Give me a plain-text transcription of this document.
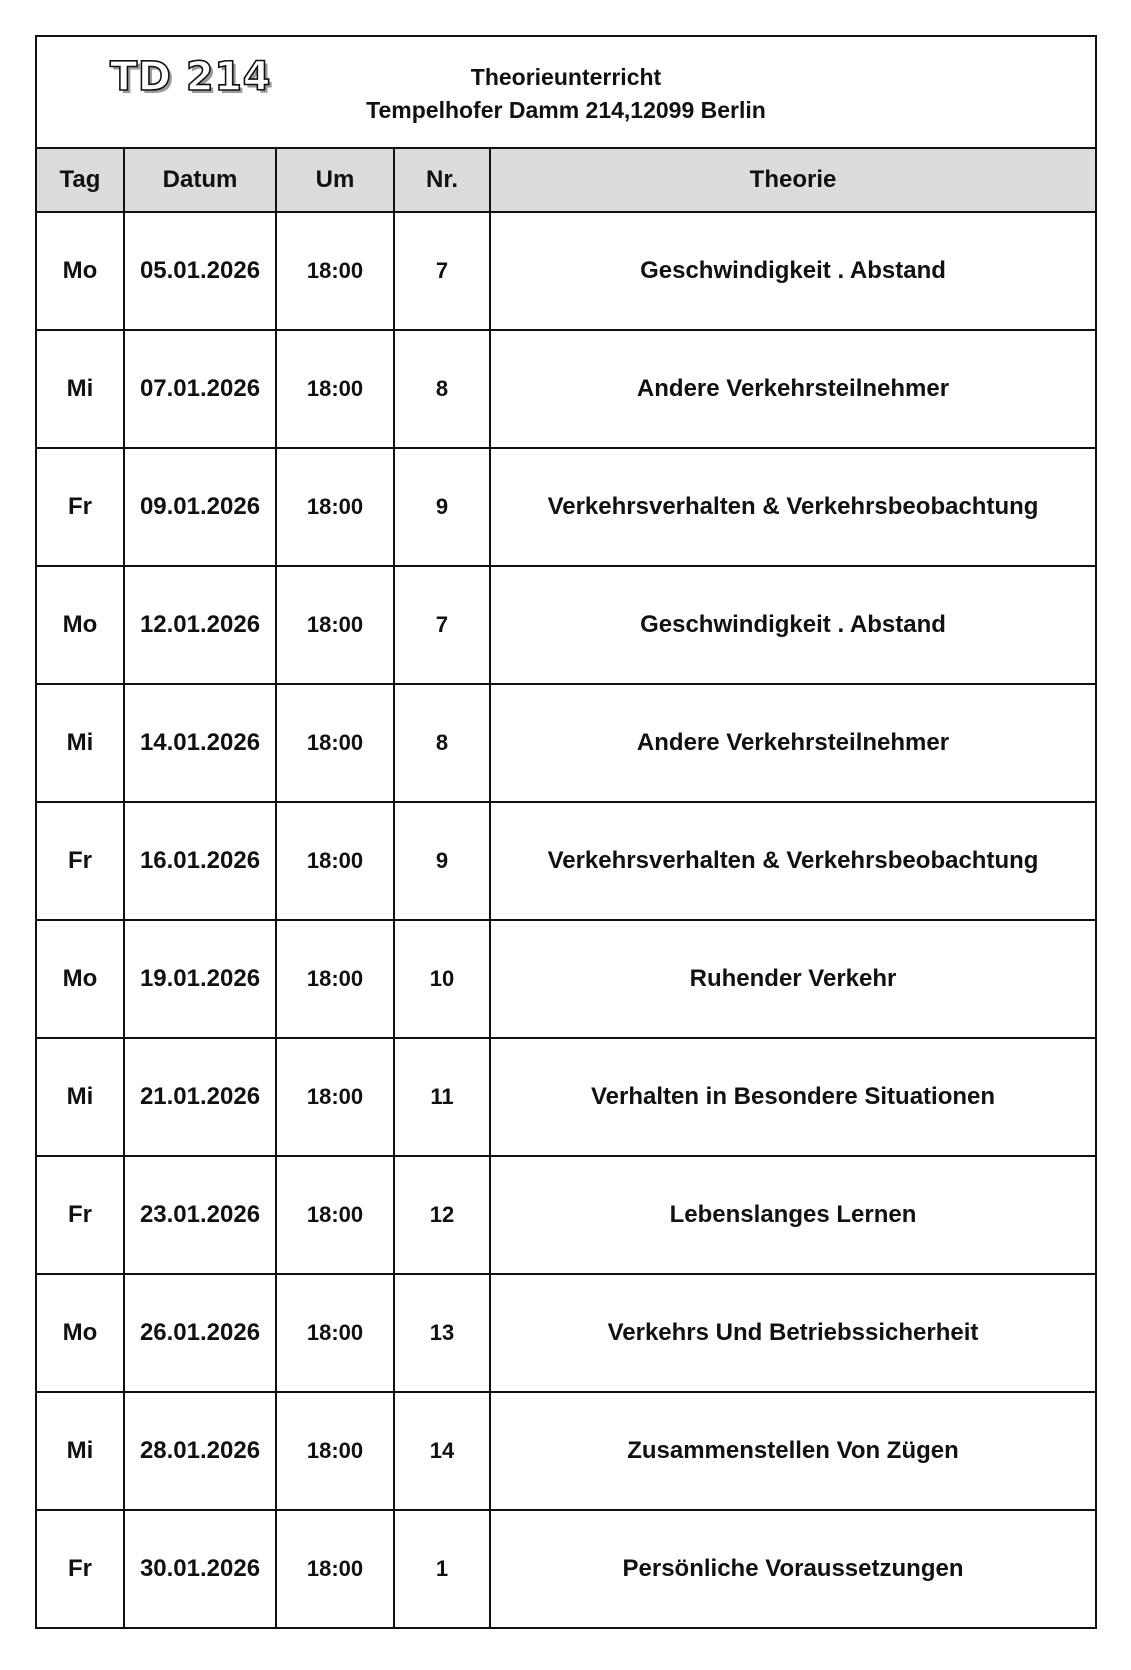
TD 214	Theorieunterricht
Tempelhofer Damm 214,12099 Berlin
Tag	Datum	Um	Nr.	Theorie
Mo	05.01.2026	18:00	7	Geschwindigkeit . Abstand
Mi	07.01.2026	18:00	8	Andere Verkehrsteilnehmer
Fr	09.01.2026	18:00	9	Verkehrsverhalten & Verkehrsbeobachtung
Mo	12.01.2026	18:00	7	Geschwindigkeit . Abstand
Mi	14.01.2026	18:00	8	Andere Verkehrsteilnehmer
Fr	16.01.2026	18:00	9	Verkehrsverhalten & Verkehrsbeobachtung
Mo	19.01.2026	18:00	10	Ruhender Verkehr
Mi	21.01.2026	18:00	11	Verhalten in Besondere Situationen
Fr	23.01.2026	18:00	12	Lebenslanges Lernen
Mo	26.01.2026	18:00	13	Verkehrs Und Betriebssicherheit
Mi	28.01.2026	18:00	14	Zusammenstellen Von Zügen
Fr	30.01.2026	18:00	1	Persönliche Voraussetzungen
